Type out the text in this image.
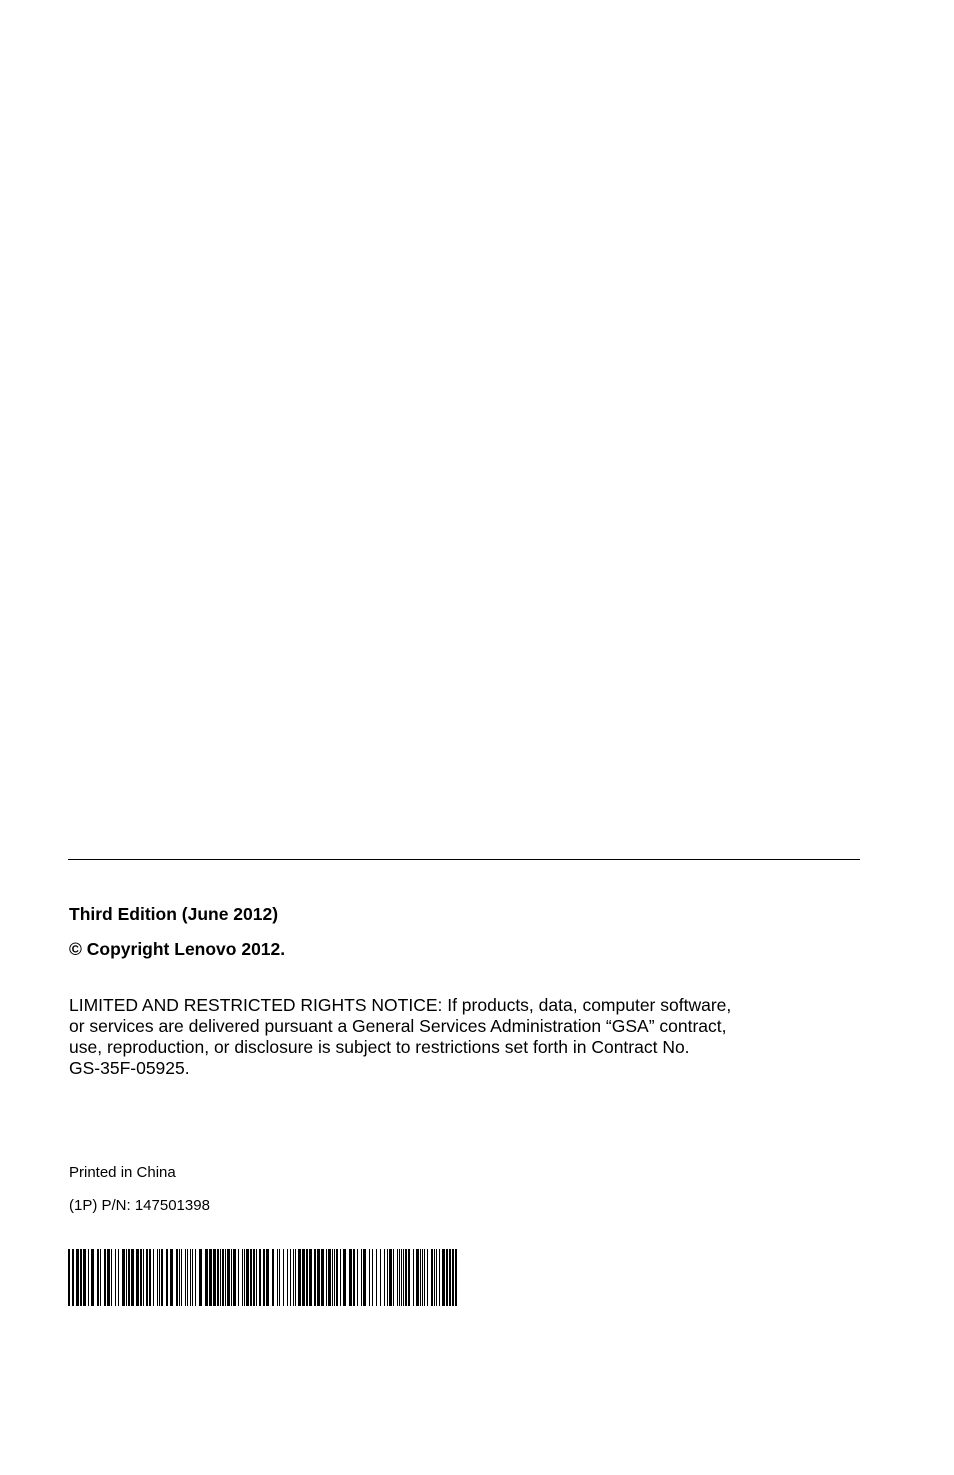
Third Edition (June 2012)
© Copyright Lenovo 2012.
LIMITED AND RESTRICTED RIGHTS NOTICE: If products, data, computer software,
or services are delivered pursuant a General Services Administration “GSA” contract,
use, reproduction, or disclosure is subject to restrictions set forth in Contract No.
GS-35F-05925.
Printed in China
(1P) P/N: 147501398
